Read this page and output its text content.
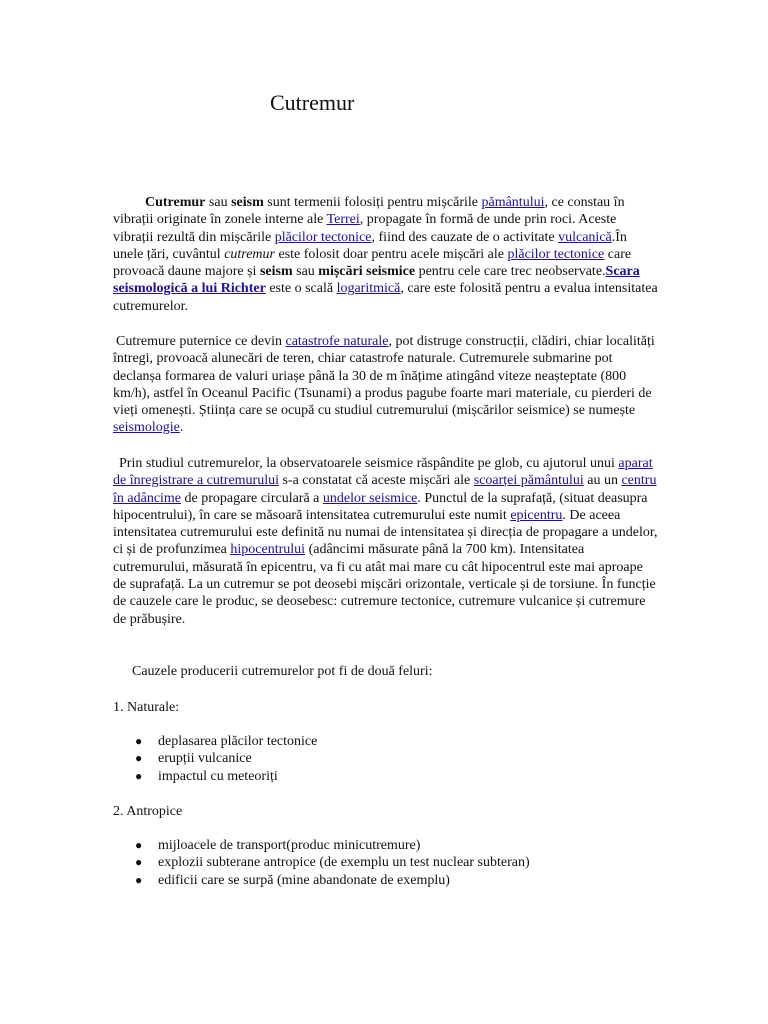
Cutremur

Cutremur sau seism sunt termenii folosiți pentru mișcările pământului, ce constau în vibrații originate în zonele interne ale Terrei, propagate în formă de unde prin roci. Aceste vibrații rezultă din mișcările plăcilor tectonice, fiind des cauzate de o activitate vulcanică.În unele țări, cuvântul cutremur este folosit doar pentru acele mișcări ale plăcilor tectonice care provoacă daune majore și seism sau mișcări seismice pentru cele care trec neobservate.Scara seismologică a lui Richter este o scală logaritmică, care este folosită pentru a evalua intensitatea cutremurelor.

Cutremure puternice ce devin catastrofe naturale, pot distruge construcții, clădiri, chiar localități întregi, provoacă alunecări de teren, chiar catastrofe naturale. Cutremurele submarine pot declanșa formarea de valuri uriașe până la 30 de m înățime atingând viteze neașteptate (800 km/h), astfel în Oceanul Pacific (Tsunami) a produs pagube foarte mari materiale, cu pierderi de vieți omenești. Știința care se ocupă cu studiul cutremurului (mișcărilor seismice) se numește seismologie.

Prin studiul cutremurelor, la observatoarele seismice răspândite pe glob, cu ajutorul unui aparat de înregistrare a cutremurului s-a constatat că aceste mișcări ale scoarței pământului au un centru în adâncime de propagare circulară a undelor seismice. Punctul de la suprafață, (situat deasupra hipocentrului), în care se măsoară intensitatea cutremurului este numit epicentru. De aceea intensitatea cutremurului este definită nu numai de intensitatea și direcția de propagare a undelor, ci și de profunzimea hipocentrului (adâncimi măsurate până la 700 km). Intensitatea cutremurului, măsurată în epicentru, va fi cu atât mai mare cu cât hipocentrul este mai aproape de suprafață. La un cutremur se pot deosebi mișcări orizontale, verticale și de torsiune. În funcție de cauzele care le produc, se deosebesc: cutremure tectonice, cutremure vulcanice și cutremure de prăbușire.

Cauzele producerii cutremurelor pot fi de două feluri:

1. Naturale:

● deplasarea plăcilor tectonice
● erupții vulcanice
● impactul cu meteoriți

2. Antropice

● mijloacele de transport(produc minicutremure)
● explozii subterane antropice (de exemplu un test nuclear subteran)
● edificii care se surpă (mine abandonate de exemplu)
